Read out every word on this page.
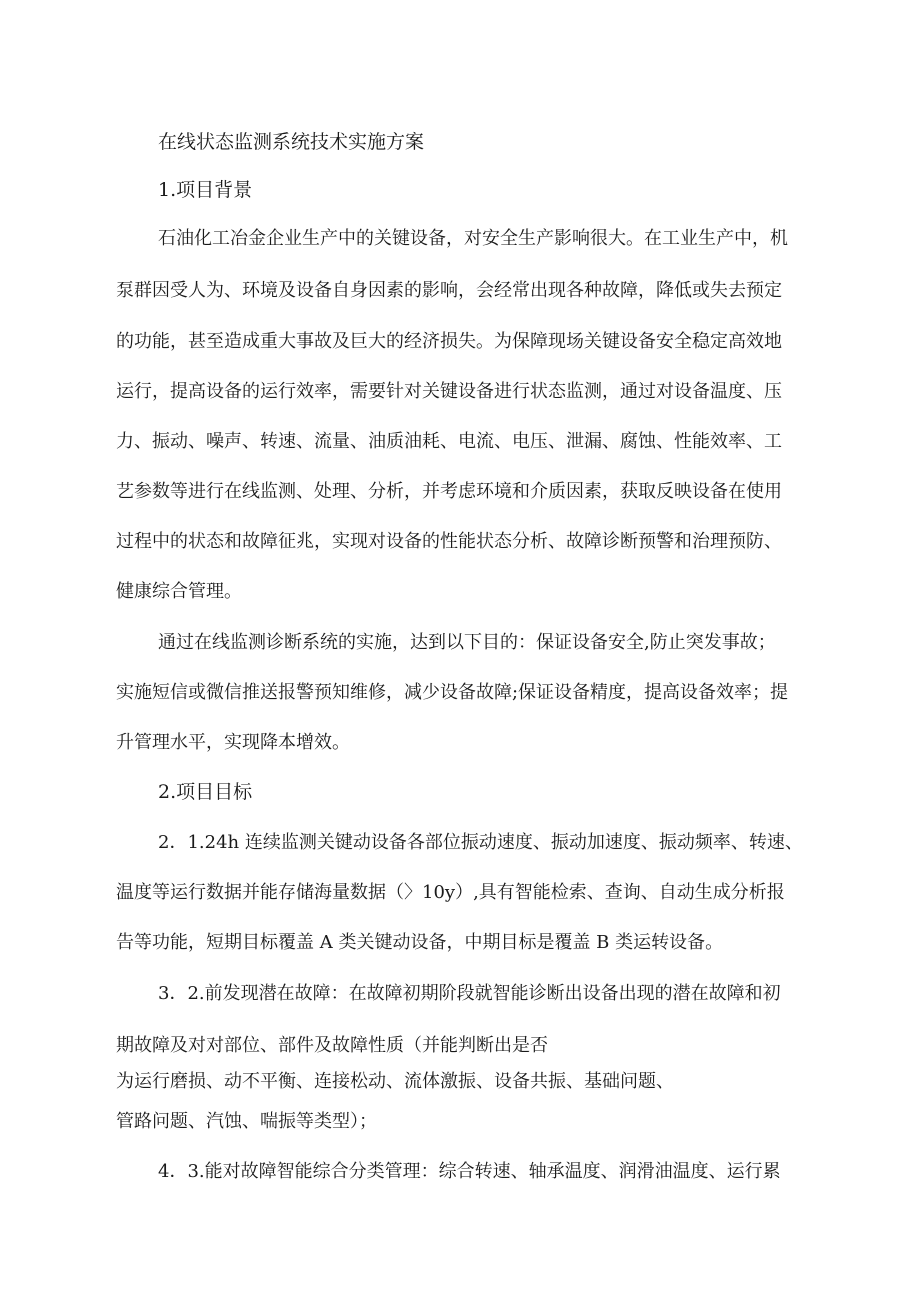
在线状态监测系统技术实施方案
1.项目背景
石油化工冶金企业生产中的关键设备，对安全生产影响很大。在工业生产中，机
泵群因受人为、环境及设备自身因素的影响，会经常出现各种故障，降低或失去预定
的功能，甚至造成重大事故及巨大的经济损失。为保障现场关键设备安全稳定高效地
运行，提高设备的运行效率，需要针对关键设备进行状态监测，通过对设备温度、压
力、振动、噪声、转速、流量、油质油耗、电流、电压、泄漏、腐蚀、性能效率、工
艺参数等进行在线监测、处理、分析，并考虑环境和介质因素，获取反映设备在使用
过程中的状态和故障征兆，实现对设备的性能状态分析、故障诊断预警和治理预防、
健康综合管理。
通过在线监测诊断系统的实施，达到以下目的：保证设备安全,防止突发事故；
实施短信或微信推送报警预知维修，减少设备故障;保证设备精度，提高设备效率；提
升管理水平，实现降本增效。
2.项目目标
2．1.24h 连续监测关键动设备各部位振动速度、振动加速度、振动频率、转速、
温度等运行数据并能存储海量数据（〉10y）,具有智能检索、查询、自动生成分析报
告等功能，短期目标覆盖 A 类关键动设备，中期目标是覆盖 B 类运转设备。
3．2.前发现潜在故障：在故障初期阶段就智能诊断出设备出现的潜在故障和初
期故障及对对部位、部件及故障性质（并能判断出是否
为运行磨损、动不平衡、连接松动、流体激振、设备共振、基础问题、
管路问题、汽蚀、喘振等类型）；
4．3.能对故障智能综合分类管理：综合转速、轴承温度、润滑油温度、运行累
